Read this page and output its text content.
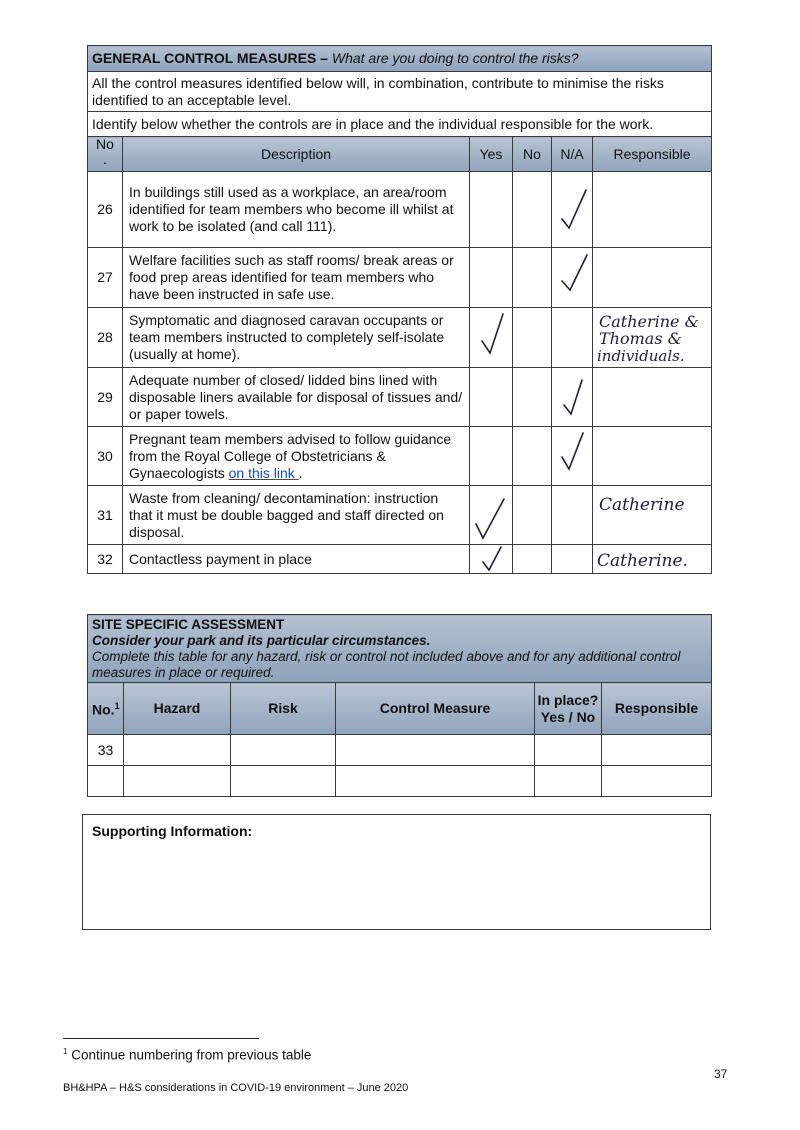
GENERAL CONTROL MEASURES – What are you doing to control the risks?					
All the control measures identified below will, in combination, contribute to minimise the risks identified to an acceptable level.					
Identify below whether the controls are in place and the individual responsible for the work.					
No
.	Description	Yes	No	N/A	Responsible
26	In buildings still used as a workplace, an area/room identified for team members who become ill whilst at work to be isolated (and call 111).			

27	Welfare facilities such as staff rooms/ break areas or food prep areas identified for team members who have been instructed in safe use.			

28	Symptomatic and diagnosed caravan occupants or team members instructed to completely self-isolate (usually at home).				Catherine &
Thomas &
individuals.

29	Adequate number of closed/ lidded bins lined with disposable liners available for disposal of tissues and/ or paper towels.			

30	Pregnant team members advised to follow guidance from the Royal College of Obstetricians & Gynaecologists on this link .			

31	Waste from cleaning/ decontamination: instruction that it must be double bagged and staff directed on disposal.				Catherine

32	Contactless payment in place				Catherine.
SITE SPECIFIC ASSESSMENT
Consider your park and its particular circumstances.
Complete this table for any hazard, risk or control not included above and for any additional control measures in place or required.					

No.$^1$	Hazard	Risk	Control Measure	In place? Yes / No	Responsible
33					

Supporting Information:
$^1$ Continue numbering from previous table
37
BH&HPA – H&S considerations in COVID-19 environment – June 2020
